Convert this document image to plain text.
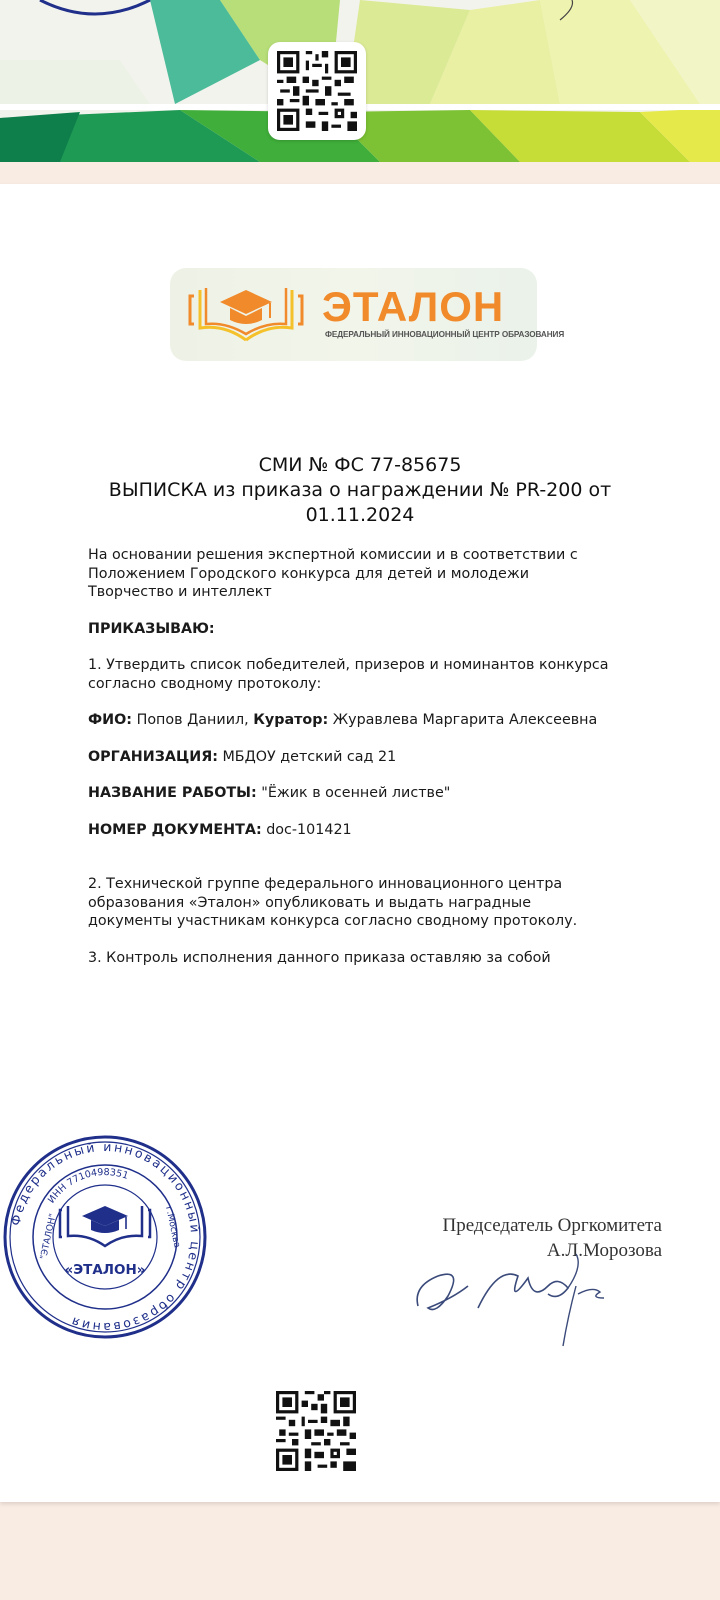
ЭТАЛОН
ФЕДЕРАЛЬНЫЙ ИННОВАЦИОННЫЙ ЦЕНТР ОБРАЗОВАНИЯ
СМИ № ФС 77-85675
ВЫПИСКА из приказа о награждении № PR-200 от
01.11.2024

На основании решения экспертной комиссии и в соответствии с
Положением Городского конкурса для детей и молодежи
Творчество и интеллект

ПРИКАЗЫВАЮ:

1. Утвердить список победителей, призеров и номинантов конкурса
согласно сводному протоколу:

ФИО: Попов Даниил, Куратор: Журавлева Маргарита Алексеевна

ОРГАНИЗАЦИЯ: МБДОУ детский сад 21

НАЗВАНИЕ РАБОТЫ: "Ёжик в осенней листве"

НОМЕР ДОКУМЕНТА: doc-101421

2. Технической группе федерального инновационного центра
образования «Эталон» опубликовать и выдать наградные
документы участникам конкурса согласно сводному протоколу.

3. Контроль исполнения данного приказа оставляю за собой

Федеральный инновационный центр образования
ИНН 7710498351
"ЭТАЛОН"	г.Москва
«ЭТАЛОН»
Председатель Оргкомитета
А.Л.Морозова
